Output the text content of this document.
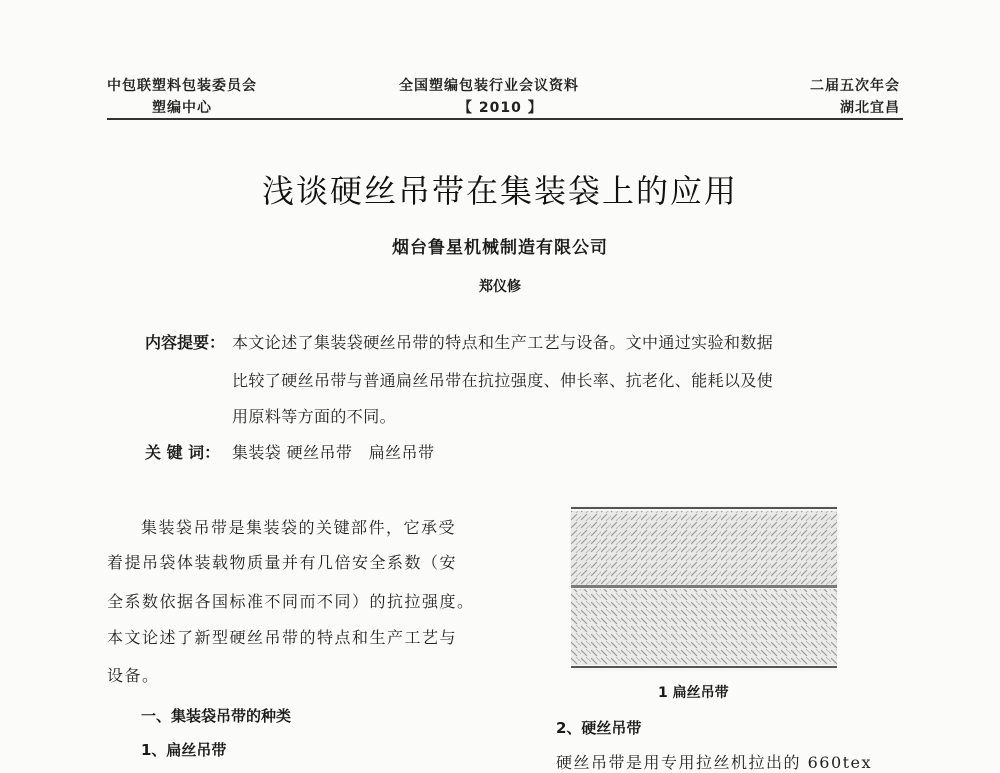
中包联塑料包装委员会
塑编中心
全国塑编包装行业会议资料
【 2010 】
二届五次年会
湖北宜昌
浅谈硬丝吊带在集装袋上的应用
烟台鲁星机械制造有限公司
郑仪修
内容提要： 本文论述了集装袋硬丝吊带的特点和生产工艺与设备。文中通过实验和数据
比较了硬丝吊带与普通扁丝吊带在抗拉强度、伸长率、抗老化、能耗以及使
用原料等方面的不同。
关 键 词： 集装袋 硬丝吊带   扁丝吊带
集装袋吊带是集装袋的关键部件，它承受
着提吊袋体装载物质量并有几倍安全系数（安
全系数依据各国标准不同而不同）的抗拉强度。
本文论述了新型硬丝吊带的特点和生产工艺与
设备。
一、集装袋吊带的种类
1、扁丝吊带
1 扁丝吊带
2、硬丝吊带
硬丝吊带是用专用拉丝机拉出的 660tex
